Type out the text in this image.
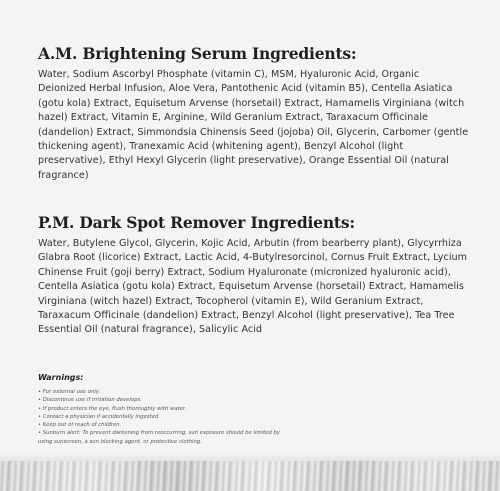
A.M. Brightening Serum Ingredients:

Water, Sodium Ascorbyl Phosphate (vitamin C), MSM, Hyaluronic Acid, Organic Deionized Herbal Infusion, Aloe Vera, Pantothenic Acid (vitamin B5), Centella Asiatica (gotu kola) Extract, Equisetum Arvense (horsetail) Extract, Hamamelis Virginiana (witch hazel) Extract, Vitamin E, Arginine, Wild Geranium Extract, Taraxacum Officinale (dandelion) Extract, Simmondsia Chinensis Seed (jojoba) Oil, Glycerin, Carbomer (gentle thickening agent), Tranexamic Acid (whitening agent), Benzyl Alcohol (light preservative), Ethyl Hexyl Glycerin (light preservative), Orange Essential Oil (natural fragrance)

P.M. Dark Spot Remover Ingredients:

Water, Butylene Glycol, Glycerin, Kojic Acid, Arbutin (from bearberry plant), Glycyrrhiza Glabra Root (licorice) Extract, Lactic Acid, 4-Butylresorcinol, Cornus Fruit Extract, Lycium Chinense Fruit (goji berry) Extract, Sodium Hyaluronate (micronized hyaluronic acid), Centella Asiatica (gotu kola) Extract, Equisetum Arvense (horsetail) Extract, Hamamelis Virginiana (witch hazel) Extract, Tocopherol (vitamin E), Wild Geranium Extract, Taraxacum Officinale (dandelion) Extract, Benzyl Alcohol (light preservative), Tea Tree Essential Oil (natural fragrance), Salicylic Acid

Warnings:

• For external use only.
• Discontinue use if irritation develops.
• If product enters the eye, flush thoroughly with water.
• Contact a physician if accidentally ingested.
• Keep out of reach of children.
• Sunburn alert: To prevent darkening from reoccurring, sun exposure should be limited by
using sunscreen, a sun blocking agent, or protective clothing.
